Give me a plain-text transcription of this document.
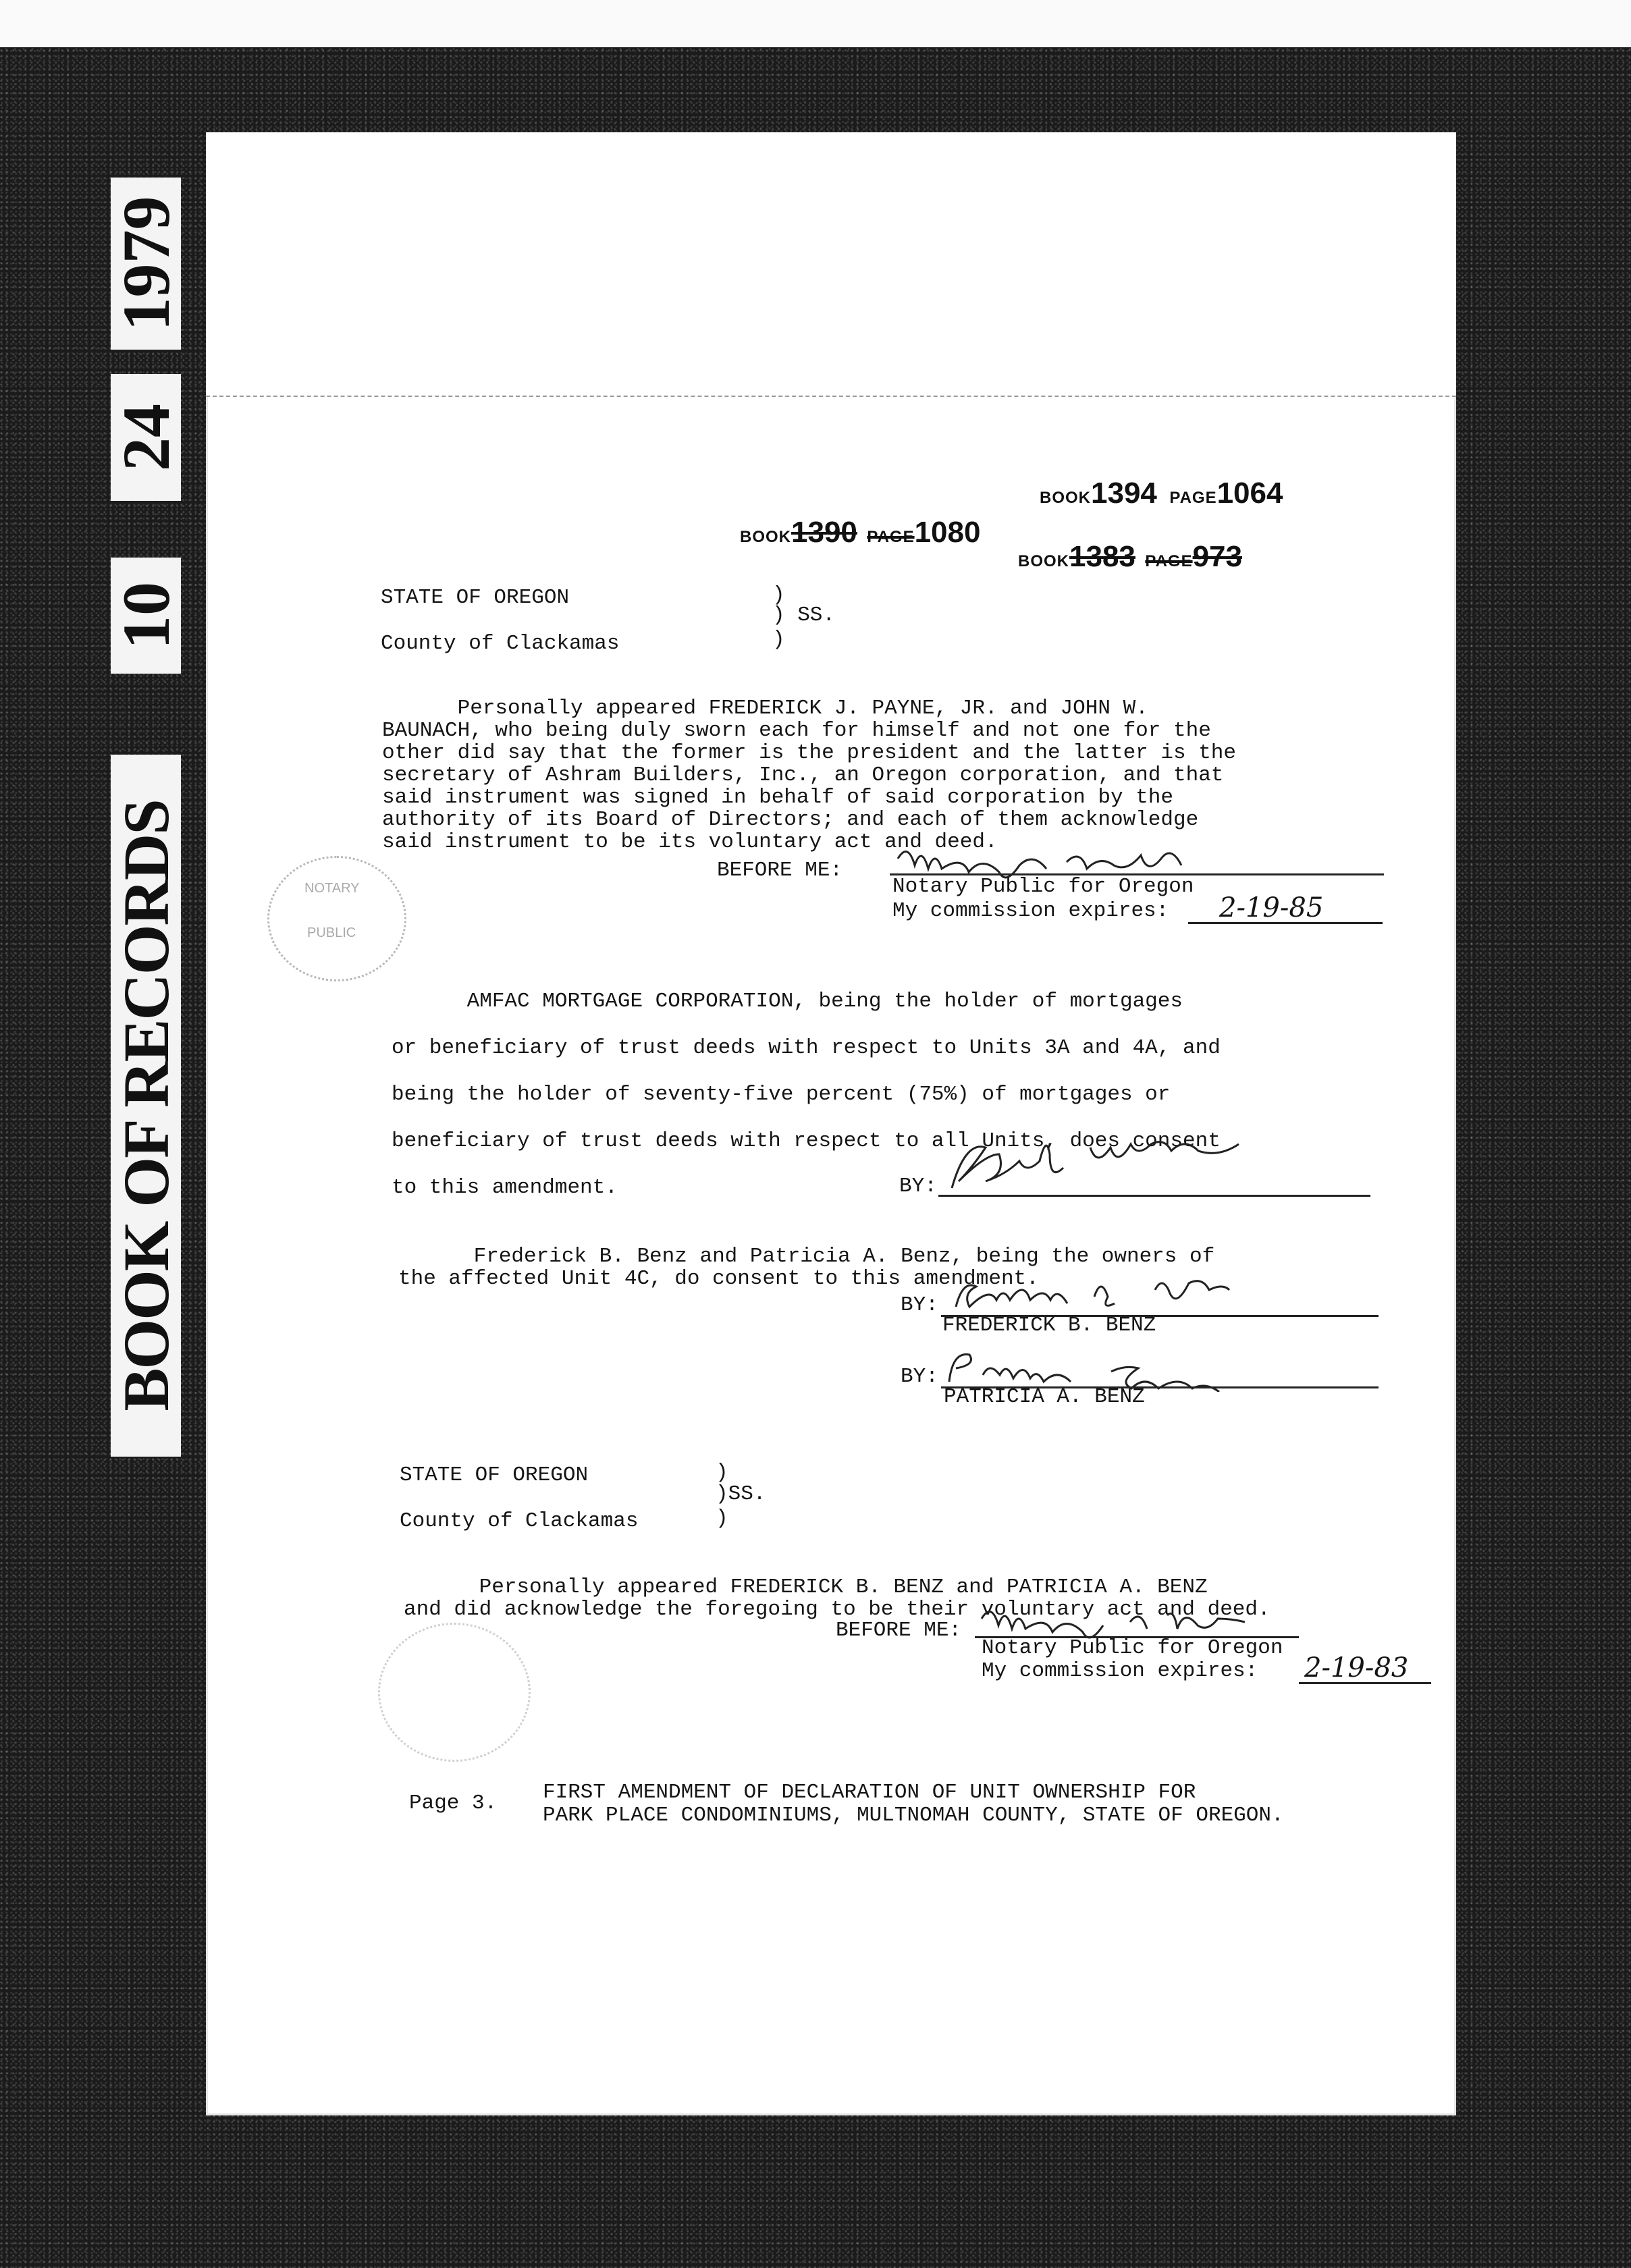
1979
24
10
BOOK OF RECORDS
BOOK1394 PAGE1064
BOOK1390 PAGE1080
BOOK1383 PAGE973
STATE OF OREGON	)
) SS.
County of Clackamas	)

Personally appeared FREDERICK J. PAYNE, JR. and JOHN W.
BAUNACH, who being duly sworn each for himself and not one for the
other did say that the former is the president and the latter is the
secretary of Ashram Builders, Inc., an Oregon corporation, and that
said instrument was signed in behalf of said corporation by the
authority of its Board of Directors; and each of them acknowledge
said instrument to be its voluntary act and deed.

BEFORE ME:
Notary Public for Oregon
My commission expires: 2-19-85
NOTARY
PUBLIC

AMFAC MORTGAGE CORPORATION, being the holder of mortgages
or beneficiary of trust deeds with respect to Units 3A and 4A, and
being the holder of seventy-five percent (75%) of mortgages or
beneficiary of trust deeds with respect to all Units, does consent
to this amendment.	BY:

Frederick B. Benz and Patricia A. Benz, being the owners of
the affected Unit 4C, do consent to this amendment.

BY:
FREDERICK B. BENZ
BY:
PATRICIA A. BENZ
STATE OF OREGON	)
)SS.
County of Clackamas	)

Personally appeared FREDERICK B. BENZ and PATRICIA A. BENZ
and did acknowledge the foregoing to be their voluntary act and deed.

BEFORE ME:
Notary Public for Oregon
My commission expires: 2-19-83
Page 3. FIRST AMENDMENT OF DECLARATION OF UNIT OWNERSHIP FOR
PARK PLACE CONDOMINIUMS, MULTNOMAH COUNTY, STATE OF OREGON.
